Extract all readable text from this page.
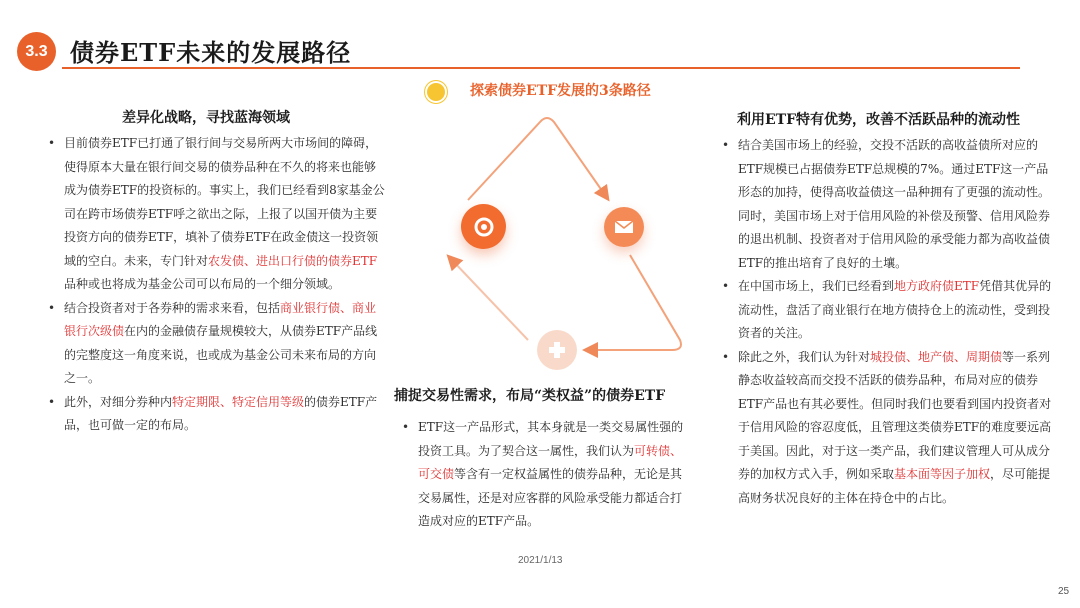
3.3 债券ETF未来的发展路径
探索债券ETF发展的3条路径
差异化战略，寻找蓝海领域
• 目前债券ETF已打通了银行间与交易所两大市场间的障碍，使得原本大量在银行间交易的债券品种在不久的将来也能够成为债券ETF的投资标的。事实上，我们已经看到8家基金公司在跨市场债券ETF呼之欲出之际，上报了以国开债为主要投资方向的债券ETF，填补了债券ETF在政金债这一投资领域的空白。未来，专门针对农发债、进出口行债的债券ETF品种或也将成为基金公司可以布局的一个细分领域。
• 结合投资者对于各券种的需求来看，包括商业银行债、商业银行次级债在内的金融债存量规模较大，从债券ETF产品线的完整度这一角度来说，也或成为基金公司未来布局的方向之一。
• 此外，对细分券种内特定期限、特定信用等级的债券ETF产品，也可做一定的布局。
捕捉交易性需求，布局“类权益”的债券ETF
• ETF这一产品形式，其本身就是一类交易属性强的投资工具。为了契合这一属性，我们认为可转债、可交债等含有一定权益属性的债券品种，无论是其交易属性，还是对应客群的风险承受能力都适合打造成对应的ETF产品。
利用ETF特有优势，改善不活跃品种的流动性
• 结合美国市场上的经验，交投不活跃的高收益债所对应的ETF规模已占据债券ETF总规模的7%。通过ETF这一产品形态的加持，使得高收益债这一品种拥有了更强的流动性。同时，美国市场上对于信用风险的补偿及预警、信用风险券的退出机制、投资者对于信用风险的承受能力都为高收益债ETF的推出培育了良好的土壤。
• 在中国市场上，我们已经看到地方政府债ETF凭借其优异的流动性，盘活了商业银行在地方债持仓上的流动性，受到投资者的关注。
• 除此之外，我们认为针对城投债、地产债、周期债等一系列静态收益较高而交投不活跃的债券品种，布局对应的债券ETF产品也有其必要性。但同时我们也要看到国内投资者对于信用风险的容忍度低，且管理这类债券ETF的难度要远高于美国。因此，对于这一类产品，我们建议管理人可从成分券的加权方式入手，例如采取基本面等因子加权，尽可能提高财务状况良好的主体在持仓中的占比。
2021/1/13
25
